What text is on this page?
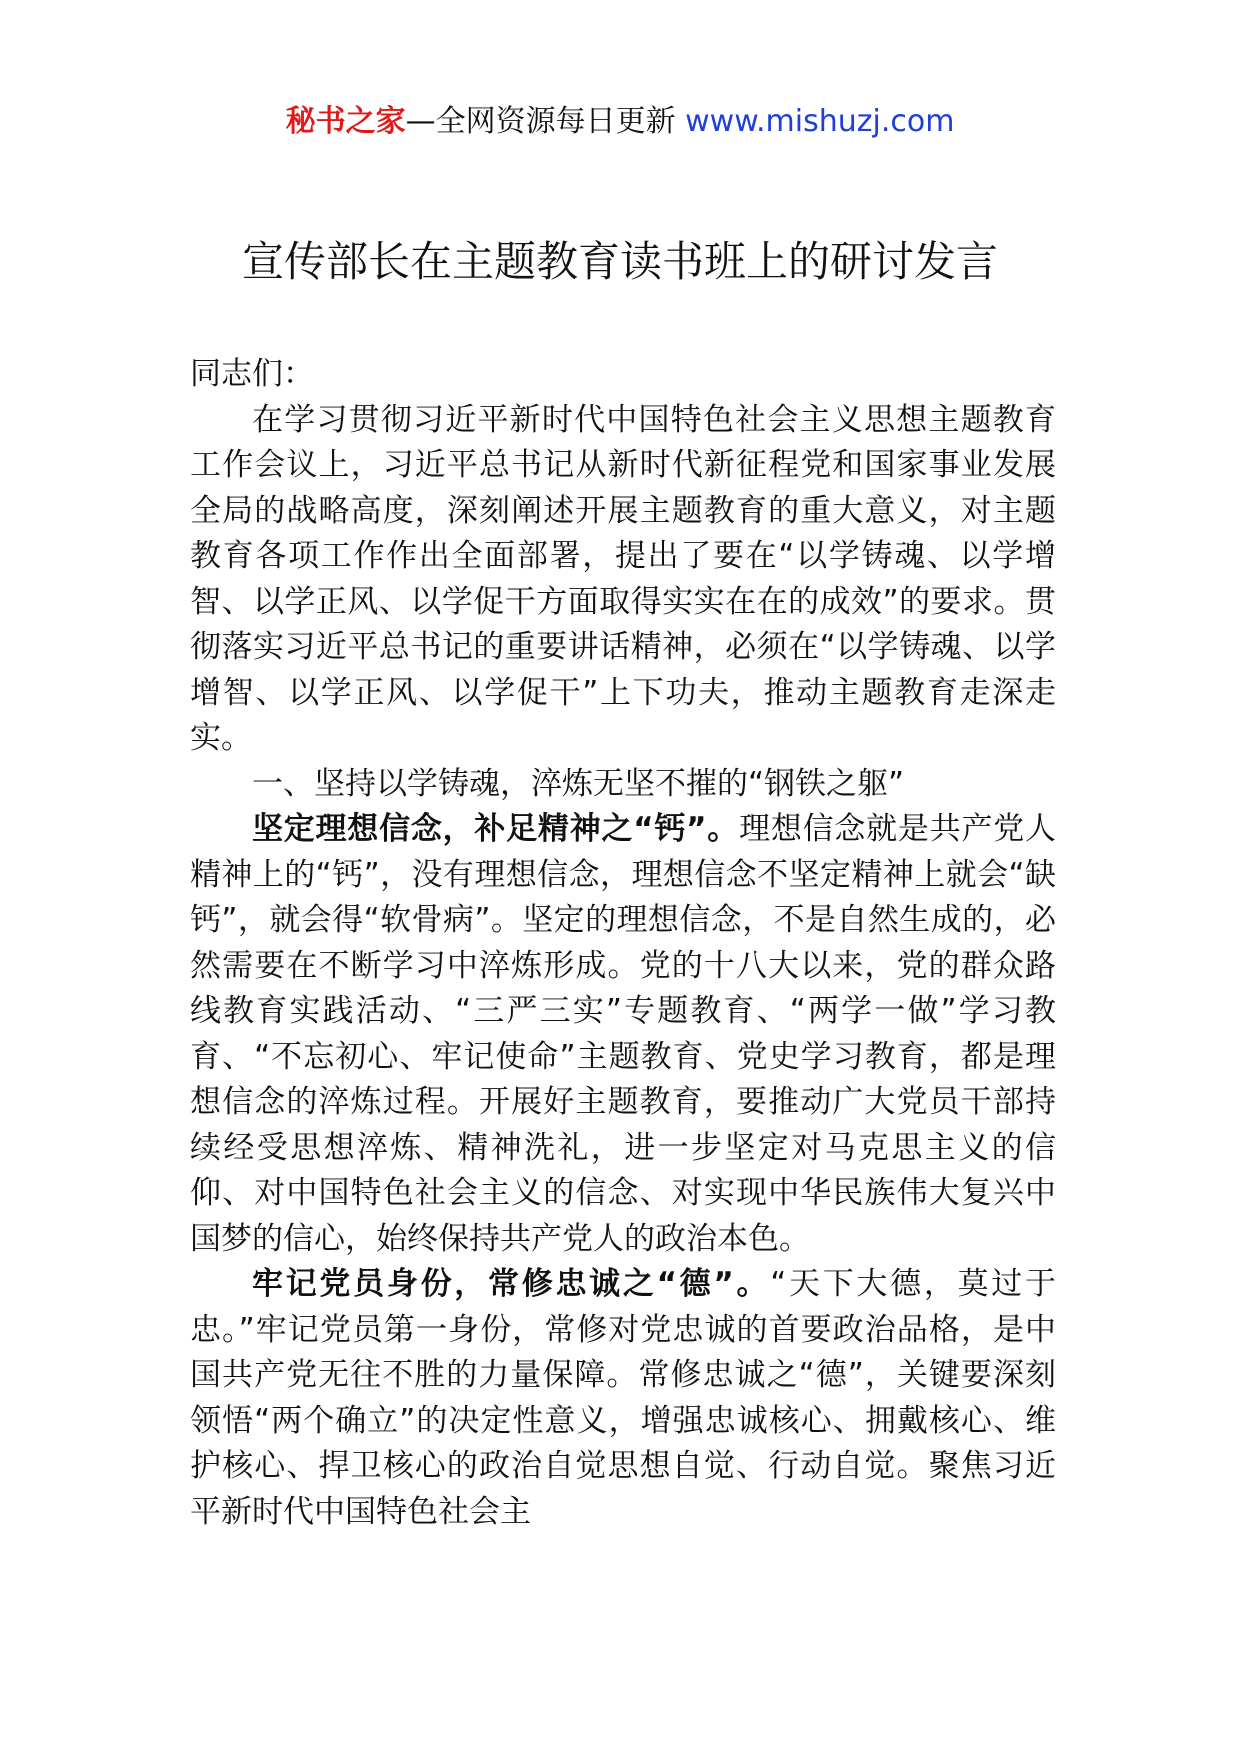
秘书之家—全网资源每日更新 www.mishuzj.com
宣传部长在主题教育读书班上的研讨发言

同志们：

在学习贯彻习近平新时代中国特色社会主义思想主题教育工作会议上，习近平总书记从新时代新征程党和国家事业发展全局的战略高度，深刻阐述开展主题教育的重大意义，对主题教育各项工作作出全面部署，提出了要在“以学铸魂、以学增智、以学正风、以学促干方面取得实实在在的成效”的要求。贯彻落实习近平总书记的重要讲话精神，必须在“以学铸魂、以学增智、以学正风、以学促干”上下功夫，推动主题教育走深走实。

一、坚持以学铸魂，淬炼无坚不摧的“钢铁之躯”

坚定理想信念，补足精神之“钙”。理想信念就是共产党人精神上的“钙”，没有理想信念，理想信念不坚定精神上就会“缺钙”，就会得“软骨病”。坚定的理想信念，不是自然生成的，必然需要在不断学习中淬炼形成。党的十八大以来，党的群众路线教育实践活动、“三严三实”专题教育、“两学一做”学习教育、“不忘初心、牢记使命”主题教育、党史学习教育，都是理想信念的淬炼过程。开展好主题教育，要推动广大党员干部持续经受思想淬炼、精神洗礼，进一步坚定对马克思主义的信仰、对中国特色社会主义的信念、对实现中华民族伟大复兴中国梦的信心，始终保持共产党人的政治本色。

牢记党员身份，常修忠诚之“德”。“天下大德，莫过于忠。”牢记党员第一身份，常修对党忠诚的首要政治品格，是中国共产党无往不胜的力量保障。常修忠诚之“德”，关键要深刻领悟“两个确立”的决定性意义，增强忠诚核心、拥戴核心、维护核心、捍卫核心的政治自觉思想自觉、行动自觉。聚焦习近平新时代中国特色社会主
